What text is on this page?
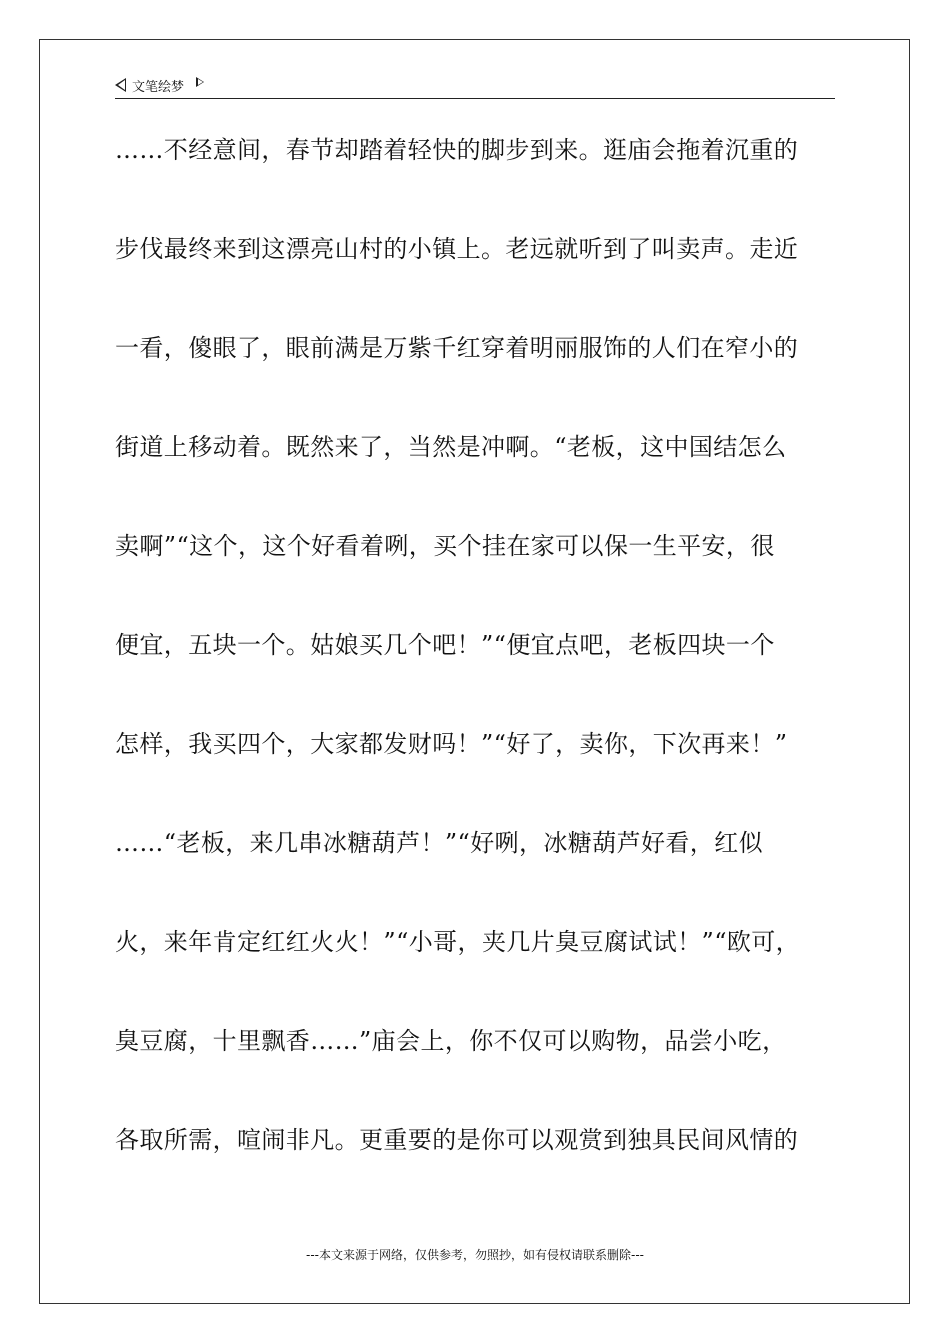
文笔绘梦
……不经意间，春节却踏着轻快的脚步到来。逛庙会拖着沉重的
步伐最终来到这漂亮山村的小镇上。老远就听到了叫卖声。走近
一看，傻眼了，眼前满是万紫千红穿着明丽服饰的人们在窄小的
街道上移动着。既然来了，当然是冲啊。“老板，这中国结怎么
卖啊”“这个，这个好看着咧，买个挂在家可以保一生平安，很
便宜，五块一个。姑娘买几个吧！”“便宜点吧，老板四块一个
怎样，我买四个，大家都发财吗！”“好了，卖你，下次再来！”
……“老板，来几串冰糖葫芦！”“好咧，冰糖葫芦好看，红似
火，来年肯定红红火火！”“小哥，夹几片臭豆腐试试！”“欧可，
臭豆腐，十里飘香……”庙会上，你不仅可以购物，品尝小吃，
各取所需，喧闹非凡。更重要的是你可以观赏到独具民间风情的
---本文来源于网络，仅供参考，勿照抄，如有侵权请联系删除---
